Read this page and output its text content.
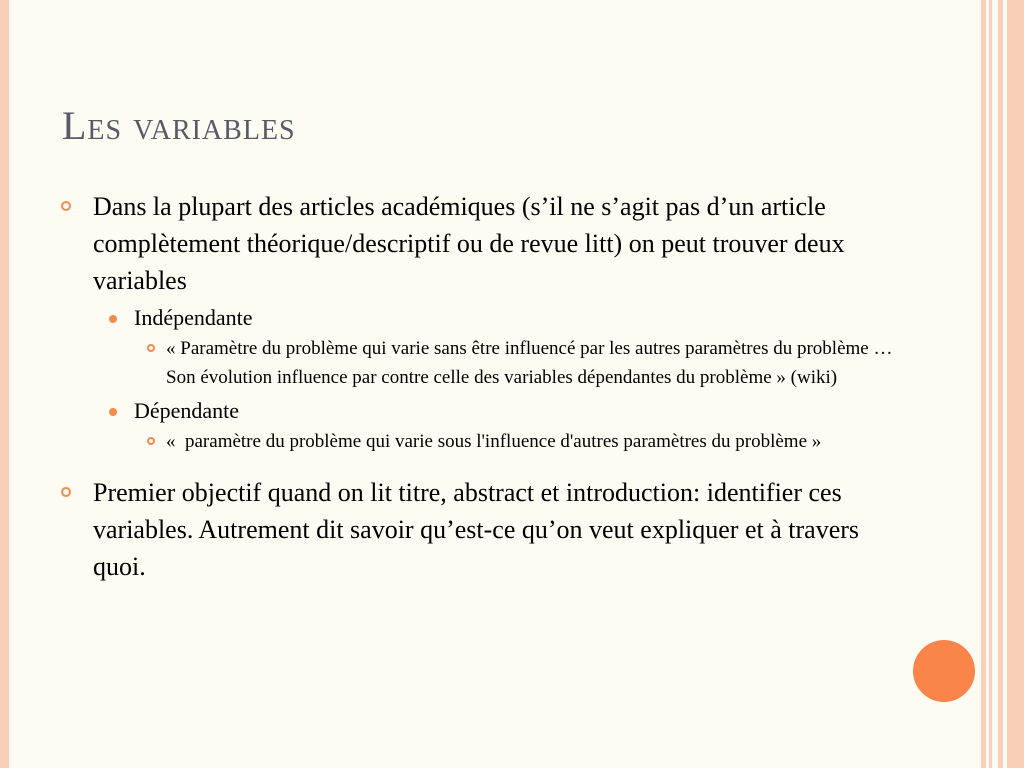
Les variables
Dans la plupart des articles académiques (s’il ne s’agit pas d’un article complètement théorique/descriptif ou de revue litt) on peut trouver deux variables
Indépendante
« Paramètre du problème qui varie sans être influencé par les autres paramètres du problème … Son évolution influence par contre celle des variables dépendantes du problème » (wiki)
Dépendante
«  paramètre du problème qui varie sous l'influence d'autres paramètres du problème »
Premier objectif quand on lit titre, abstract et introduction: identifier ces variables. Autrement dit savoir qu’est-ce qu’on veut expliquer et à travers quoi.
